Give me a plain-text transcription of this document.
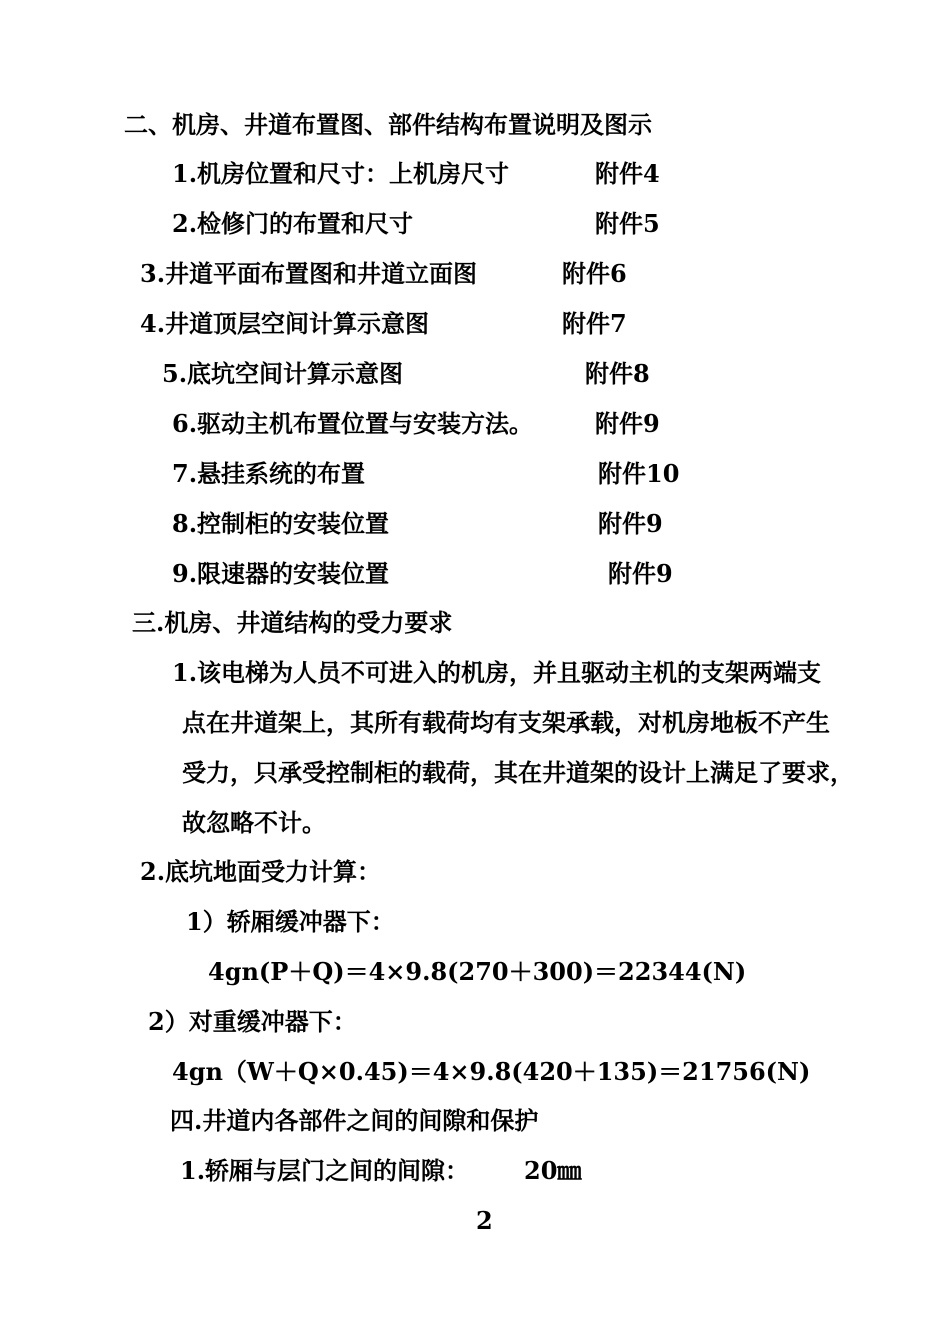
二、机房、井道布置图、部件结构布置说明及图示
1.机房位置和尺寸：上机房尺寸	附件4
2.检修门的布置和尺寸	附件5
3.井道平面布置图和井道立面图	附件6
4.井道顶层空间计算示意图	附件7
5.底坑空间计算示意图	附件8
6.驱动主机布置位置与安装方法。	附件9
7.悬挂系统的布置	附件10
8.控制柜的安装位置	附件9
9.限速器的安装位置	附件9
三.机房、井道结构的受力要求
1.该电梯为人员不可进入的机房，并且驱动主机的支架两端支
点在井道架上，其所有载荷均有支架承载，对机房地板不产生
受力，只承受控制柜的载荷，其在井道架的设计上满足了要求，
故忽略不计。
2.底坑地面受力计算：
1）轿厢缓冲器下：
4gn(P＋Q)＝4×9.8(270＋300)＝22344(N)
2）对重缓冲器下：
4gn（W＋Q×0.45)＝4×9.8(420＋135)＝21756(N)
四.井道内各部件之间的间隙和保护
1.轿厢与层门之间的间隙： 20㎜
2
